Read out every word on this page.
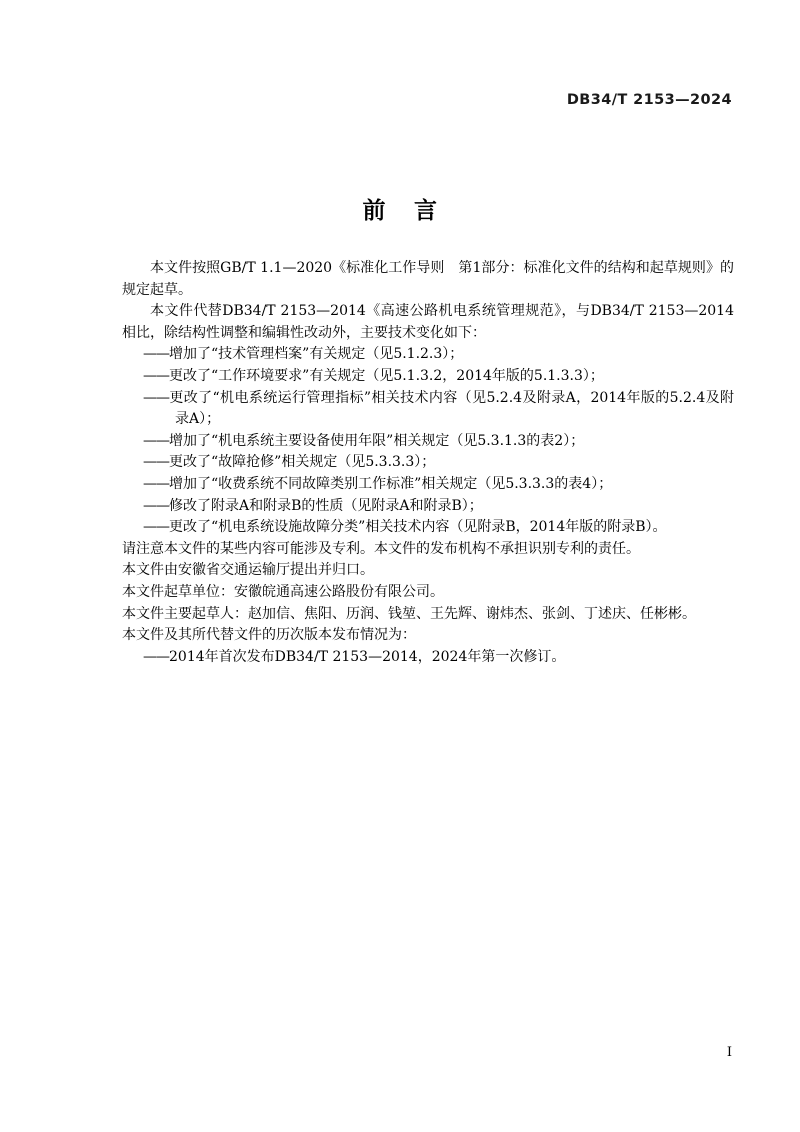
DB34/T 2153—2024
前 言

本文件按照GB/T 1.1—2020《标准化工作导则　第1部分：标准化文件的结构和起草规则》的规定起草。

本文件代替DB34/T 2153—2014《高速公路机电系统管理规范》，与DB34/T 2153—2014相比，除结构性调整和编辑性改动外，主要技术变化如下：

——增加了“技术管理档案”有关规定（见5.1.2.3）；
——更改了“工作环境要求”有关规定（见5.1.3.2，2014年版的5.1.3.3）；
——更改了“机电系统运行管理指标”相关技术内容（见5.2.4及附录A，2014年版的5.2.4及附录A）；
——增加了“机电系统主要设备使用年限”相关规定（见5.3.1.3的表2）；
——更改了“故障抢修”相关规定（见5.3.3.3）；
——增加了“收费系统不同故障类别工作标准”相关规定（见5.3.3.3的表4）；
——修改了附录A和附录B的性质（见附录A和附录B）；
——更改了“机电系统设施故障分类”相关技术内容（见附录B，2014年版的附录B）。

请注意本文件的某些内容可能涉及专利。本文件的发布机构不承担识别专利的责任。

本文件由安徽省交通运输厅提出并归口。

本文件起草单位：安徽皖通高速公路股份有限公司。

本文件主要起草人：赵加信、焦阳、历润、钱堃、王先辉、谢炜杰、张剑、丁述庆、任彬彬。

本文件及其所代替文件的历次版本发布情况为：

——2014年首次发布DB34/T 2153—2014，2024年第一次修订。
I
